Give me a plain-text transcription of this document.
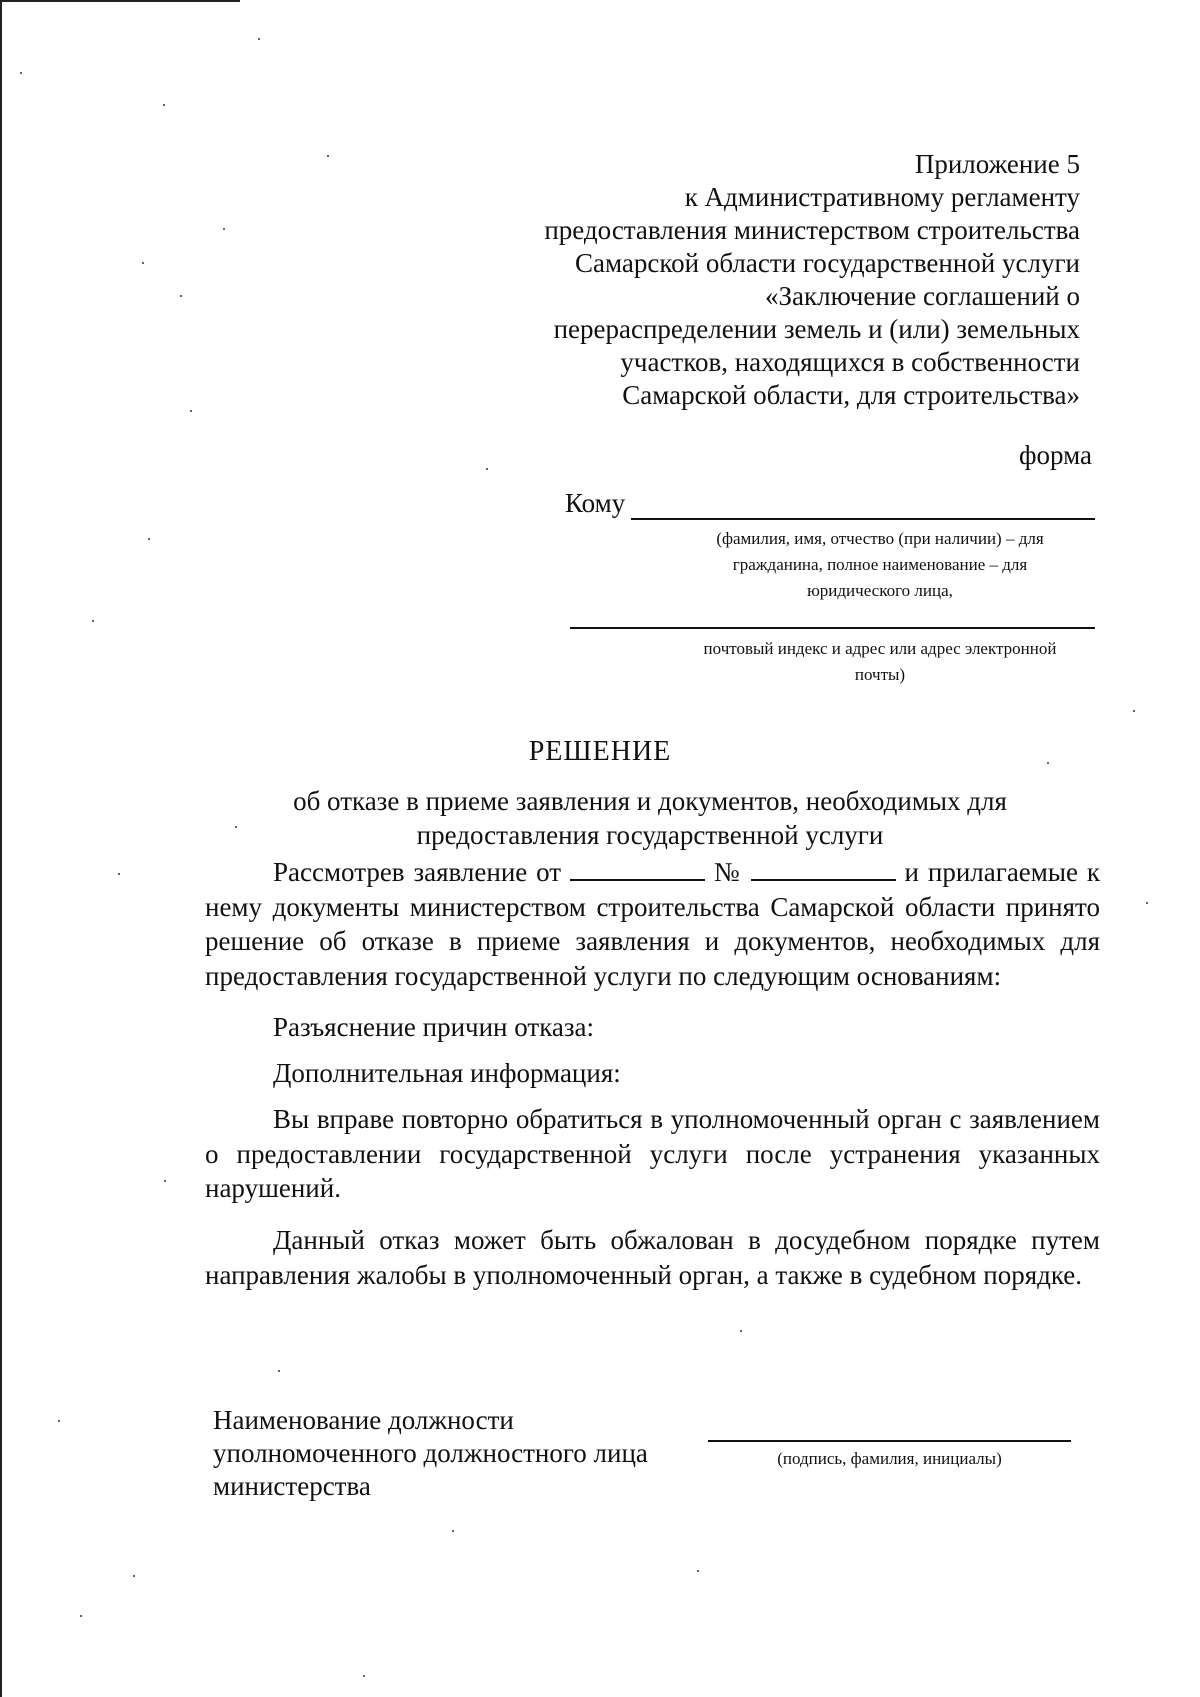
Приложение 5
к Административному регламенту
предоставления министерством строительства
Самарской области государственной услуги
«Заключение соглашений о
перераспределении земель и (или) земельных
участков, находящихся в собственности
Самарской области, для строительства»
форма
Кому
(фамилия, имя, отчество (при наличии) – для
гражданина, полное наименование – для
юридического лица,
почтовый индекс и адрес или адрес электронной
почты)
РЕШЕНИЕ
об отказе в приеме заявления и документов, необходимых для
предоставления государственной услуги
Рассмотрев заявление от	№	и прилагаемые к нему документы министерством строительства Самарской области принято решение об отказе в приеме заявления и документов, необходимых для предоставления государственной услуги по следующим основаниям:
Разъяснение причин отказа:
Дополнительная информация:
Вы вправе повторно обратиться в уполномоченный орган с заявлением о предоставлении государственной услуги после устранения указанных нарушений.
Данный отказ может быть обжалован в досудебном порядке путем направления жалобы в уполномоченный орган, а также в судебном порядке.
Наименование должности
уполномоченного должностного лица
министерства
(подпись, фамилия, инициалы)
